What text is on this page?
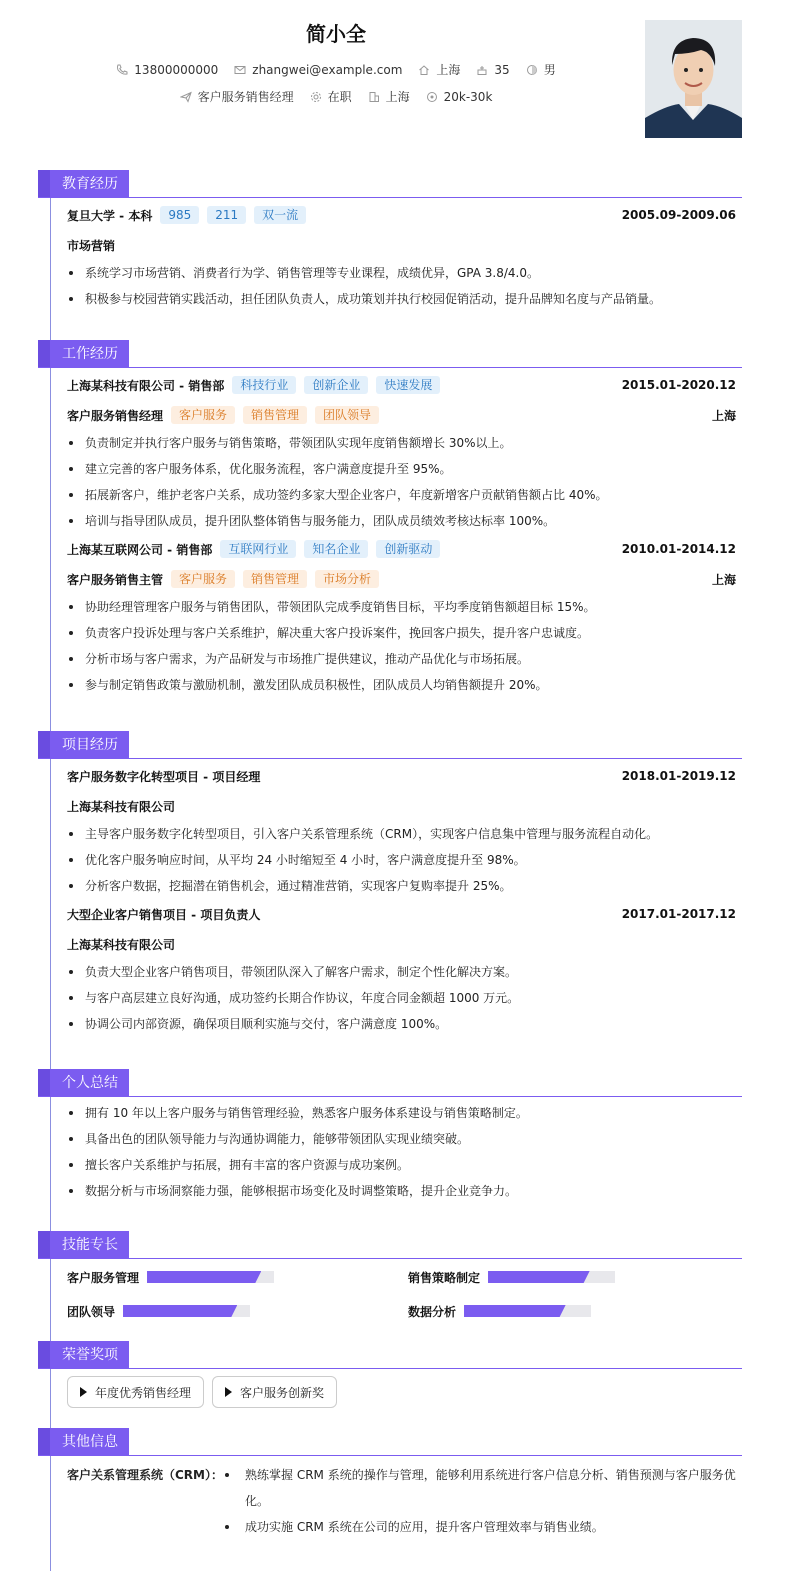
简小全
13800000000	zhangwei@example.com	上海	35	男
客户服务销售经理	在职	上海	20k-30k
教育经历
复旦大学 - 本科	985	211	双一流	2005.09-2009.06
市场营销
系统学习市场营销、消费者行为学、销售管理等专业课程，成绩优异，GPA 3.8/4.0。
积极参与校园营销实践活动，担任团队负责人，成功策划并执行校园促销活动，提升品牌知名度与产品销量。
工作经历
上海某科技有限公司 - 销售部	科技行业	创新企业	快速发展	2015.01-2020.12
客户服务销售经理	客户服务	销售管理	团队领导	上海
负责制定并执行客户服务与销售策略，带领团队实现年度销售额增长 30%以上。
建立完善的客户服务体系，优化服务流程，客户满意度提升至 95%。
拓展新客户，维护老客户关系，成功签约多家大型企业客户，年度新增客户贡献销售额占比 40%。
培训与指导团队成员，提升团队整体销售与服务能力，团队成员绩效考核达标率 100%。
上海某互联网公司 - 销售部	互联网行业	知名企业	创新驱动	2010.01-2014.12
客户服务销售主管	客户服务	销售管理	市场分析	上海
协助经理管理客户服务与销售团队，带领团队完成季度销售目标，平均季度销售额超目标 15%。
负责客户投诉处理与客户关系维护，解决重大客户投诉案件，挽回客户损失，提升客户忠诚度。
分析市场与客户需求，为产品研发与市场推广提供建议，推动产品优化与市场拓展。
参与制定销售政策与激励机制，激发团队成员积极性，团队成员人均销售额提升 20%。
项目经历
客户服务数字化转型项目 - 项目经理	2018.01-2019.12
上海某科技有限公司
主导客户服务数字化转型项目，引入客户关系管理系统（CRM），实现客户信息集中管理与服务流程自动化。
优化客户服务响应时间，从平均 24 小时缩短至 4 小时，客户满意度提升至 98%。
分析客户数据，挖掘潜在销售机会，通过精准营销，实现客户复购率提升 25%。
大型企业客户销售项目 - 项目负责人	2017.01-2017.12
上海某科技有限公司
负责大型企业客户销售项目，带领团队深入了解客户需求，制定个性化解决方案。
与客户高层建立良好沟通，成功签约长期合作协议，年度合同金额超 1000 万元。
协调公司内部资源，确保项目顺利实施与交付，客户满意度 100%。
个人总结
拥有 10 年以上客户服务与销售管理经验，熟悉客户服务体系建设与销售策略制定。
具备出色的团队领导能力与沟通协调能力，能够带领团队实现业绩突破。
擅长客户关系维护与拓展，拥有丰富的客户资源与成功案例。
数据分析与市场洞察能力强，能够根据市场变化及时调整策略，提升企业竞争力。
技能专长
客户服务管理	销售策略制定
团队领导	数据分析
荣誉奖项
年度优秀销售经理	客户服务创新奖
其他信息
客户关系管理系统（CRM）：	熟练掌握 CRM 系统的操作与管理，能够利用系统进行客户信息分析、销售预测与客户服务优化。
成功实施 CRM 系统在公司的应用，提升客户管理效率与销售业绩。
